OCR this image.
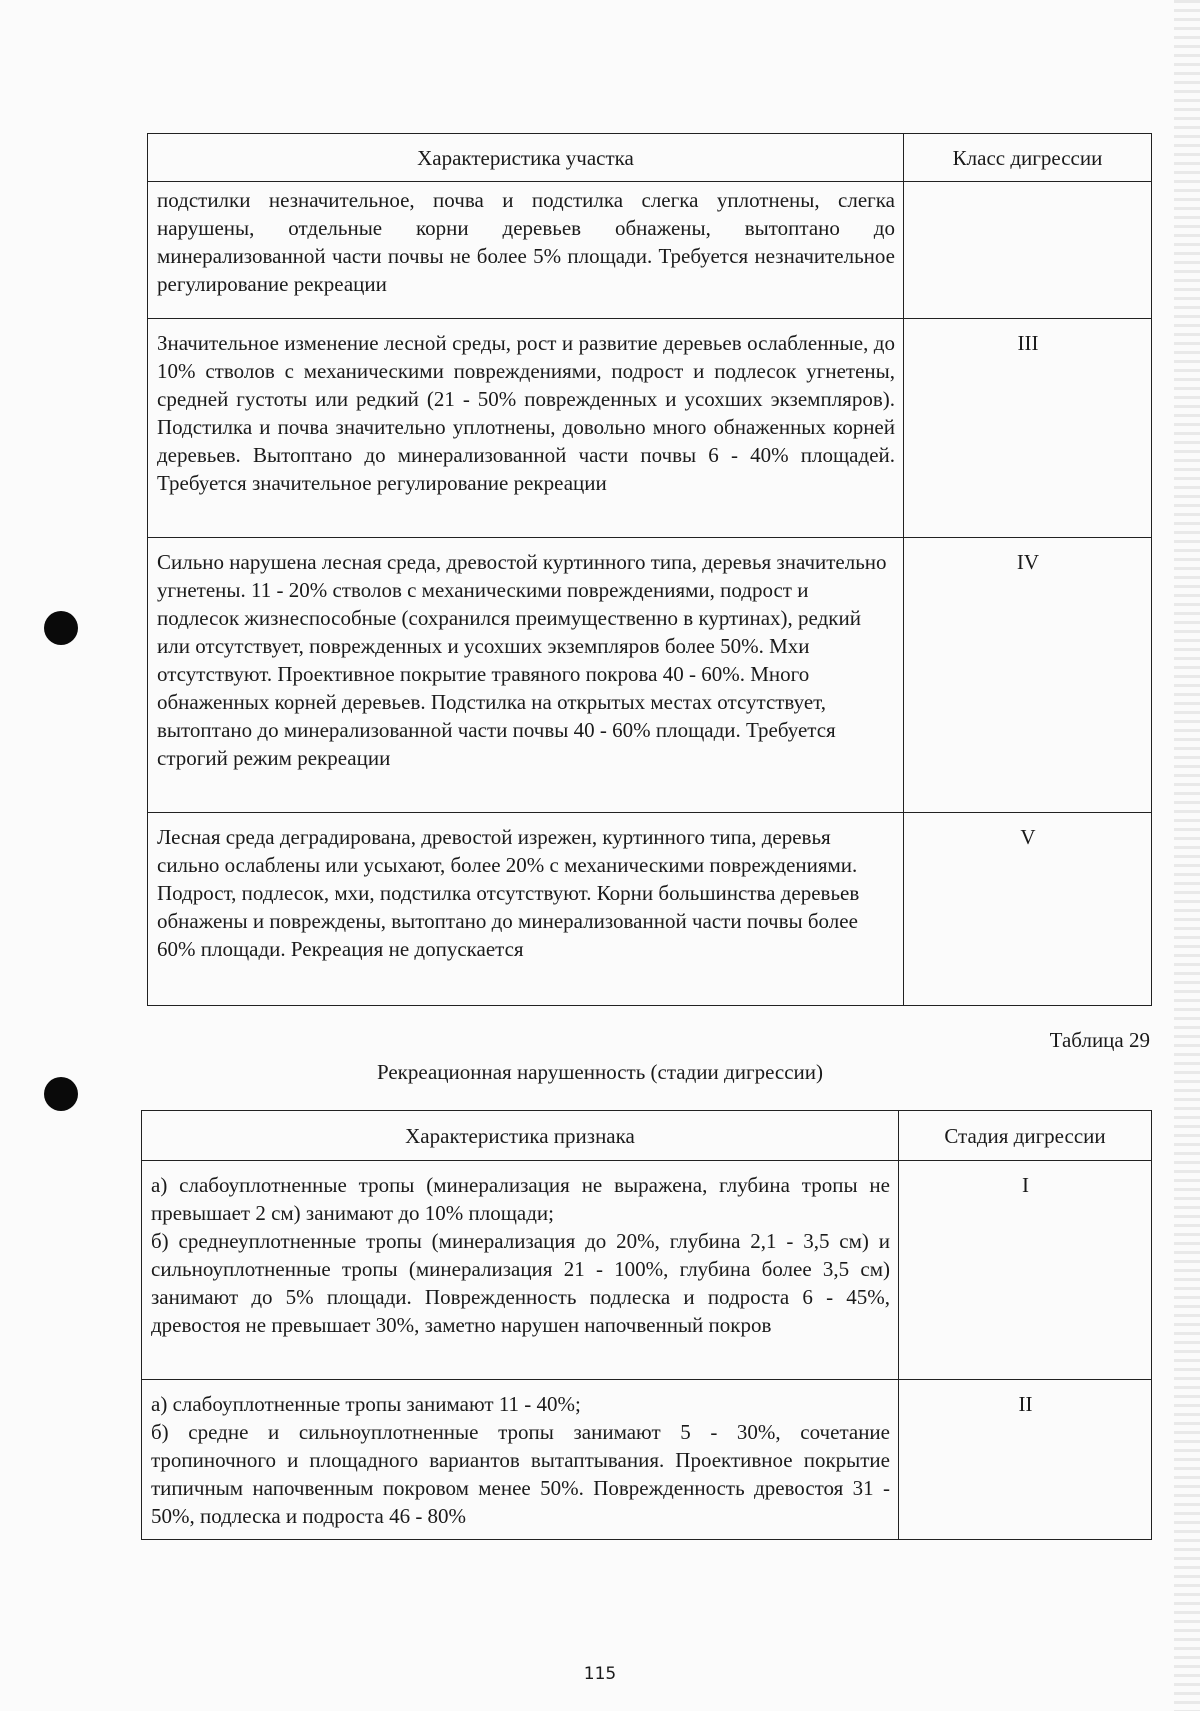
Характеристика участка	Класс дигрессии
подстилки незначительное, почва и подстилка слегка уплотнены, слегка нарушены, отдельные корни деревьев обнажены, вытоптано до минерализованной части почвы не более 5% площади. Требуется незначительное регулирование рекреации	
Значительное изменение лесной среды, рост и развитие деревьев ослабленные, до 10% стволов с механическими повреждениями, подрост и подлесок угнетены, средней густоты или редкий (21 - 50% поврежденных и усохших экземпляров). Подстилка и почва значительно уплотнены, довольно много обнаженных корней деревьев. Вытоптано до минерализованной части почвы 6 - 40% площадей. Требуется значительное регулирование рекреации	III
Сильно нарушена лесная среда, древостой куртинного типа, деревья значительно угнетены. 11 - 20% стволов с механическими повреждениями, подрост и подлесок жизнеспособные (сохранился преимущественно в куртинах), редкий или отсутствует, поврежденных и усохших экземпляров более 50%. Мхи отсутствуют. Проективное покрытие травяного покрова 40 - 60%. Много обнаженных корней деревьев. Подстилка на открытых местах отсутствует, вытоптано до минерализованной части почвы 40 - 60% площади. Требуется строгий режим рекреации	IV
Лесная среда деградирована, древостой изрежен, куртинного типа, деревья сильно ослаблены или усыхают, более 20% с механическими повреждениями. Подрост, подлесок, мхи, подстилка отсутствуют. Корни большинства деревьев обнажены и повреждены, вытоптано до минерализованной части почвы более 60% площади. Рекреация не допускается	V
Таблица 29
Рекреационная нарушенность (стадии дигрессии)
Характеристика признака	Стадия дигрессии

а) слабоуплотненные тропы (минерализация не выражена, глубина тропы не превышает 2 см) занимают до 10% площади;
б) среднеуплотненные тропы (минерализация до 20%, глубина 2,1 - 3,5 см) и сильноуплотненные тропы (минерализация 21 - 100%, глубина более 3,5 см) занимают до 5% площади. Поврежденность подлеска и подроста 6 - 45%, древостоя не превышает 30%, заметно нарушен напочвенный покров	I

а) слабоуплотненные тропы занимают 11 - 40%;
б) средне и сильноуплотненные тропы занимают 5 - 30%, сочетание тропиночного и площадного вариантов вытаптывания. Проективное покрытие типичным напочвенным покровом менее 50%. Поврежденность древостоя 31 - 50%, подлеска и подроста 46 - 80%	II
115
